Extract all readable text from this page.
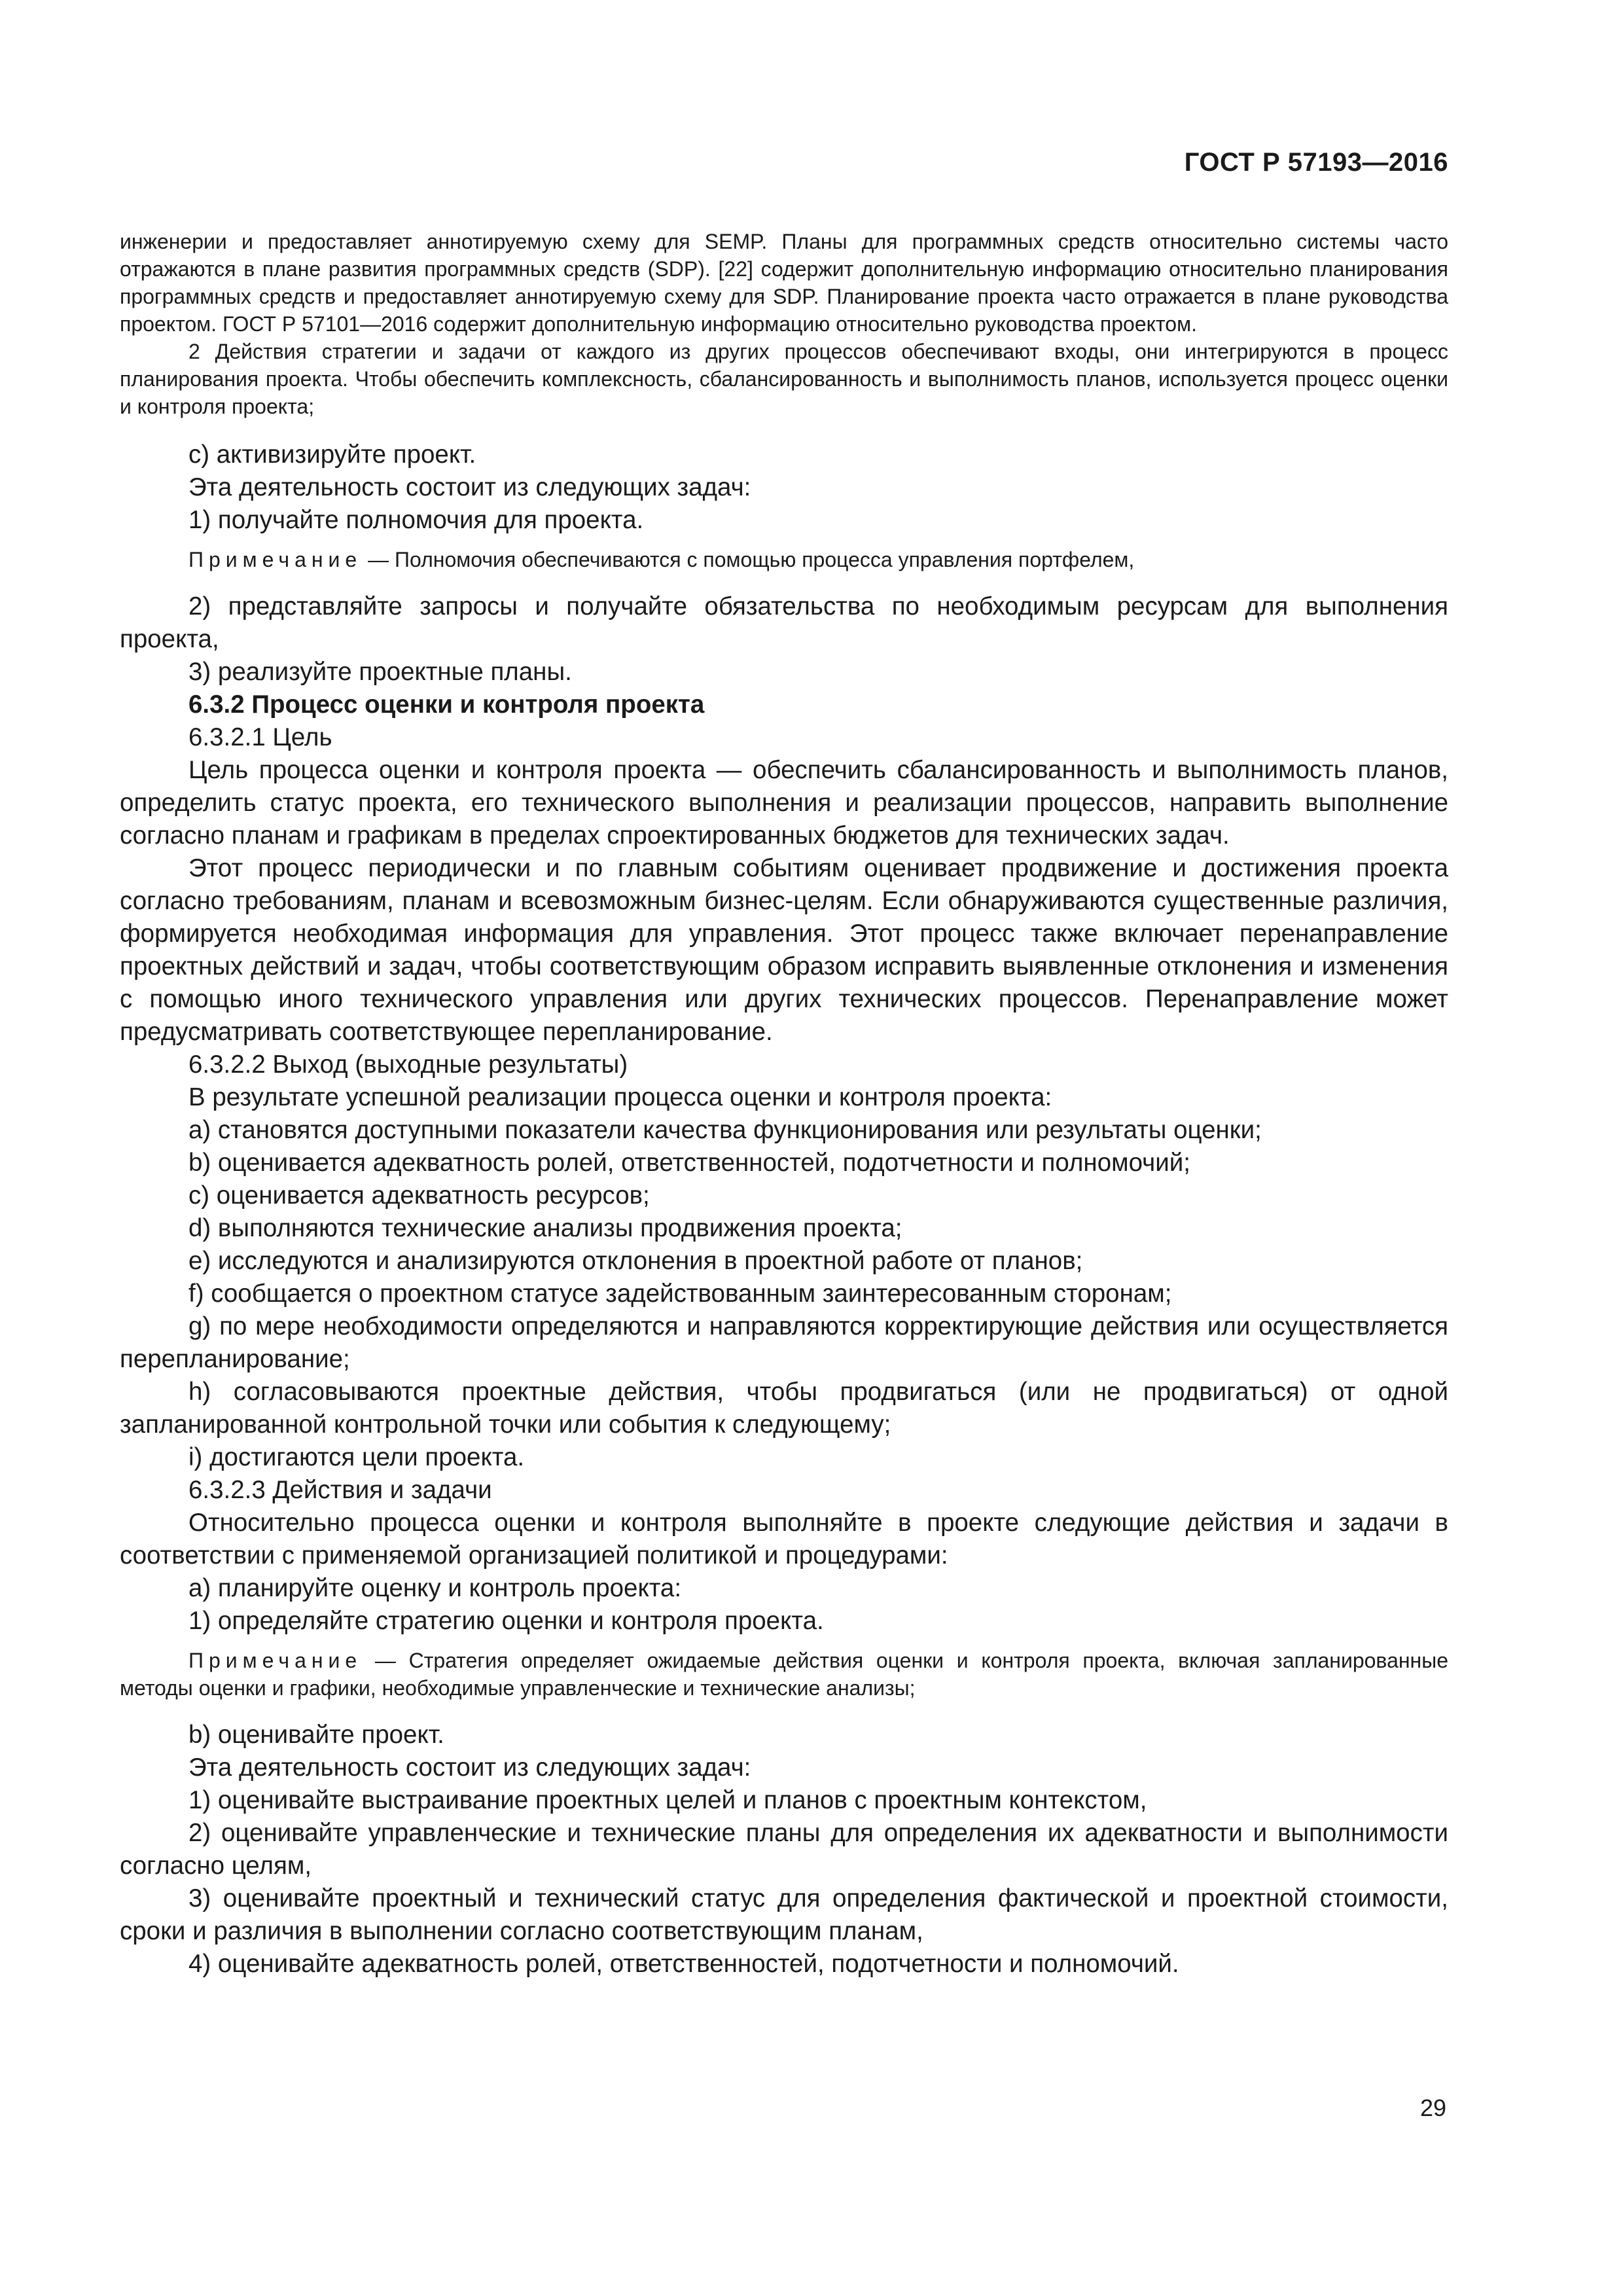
ГОСТ Р 57193—2016

инженерии и предоставляет аннотируемую схему для SEMP. Планы для программных средств относительно системы часто отражаются в плане развития программных средств (SDP). [22] содержит дополнительную информацию относительно планирования программных средств и предоставляет аннотируемую схему для SDP. Планирование проекта часто отражается в плане руководства проектом. ГОСТ Р 57101—2016 содержит дополнительную информацию относительно руководства проектом.

2 Действия стратегии и задачи от каждого из других процессов обеспечивают входы, они интегрируются в процесс планирования проекта. Чтобы обеспечить комплексность, сбалансированность и выполнимость планов, используется процесс оценки и контроля проекта;

c) активизируйте проект.

Эта деятельность состоит из следующих задач:

1) получайте полномочия для проекта.

Примечание — Полномочия обеспечиваются с помощью процесса управления портфелем,

2) представляйте запросы и получайте обязательства по необходимым ресурсам для выполнения проекта,

3) реализуйте проектные планы.

6.3.2 Процесс оценки и контроля проекта

6.3.2.1 Цель

Цель процесса оценки и контроля проекта — обеспечить сбалансированность и выполнимость планов, определить статус проекта, его технического выполнения и реализации процессов, направить выполнение согласно планам и графикам в пределах спроектированных бюджетов для технических задач.

Этот процесс периодически и по главным событиям оценивает продвижение и достижения проекта согласно требованиям, планам и всевозможным бизнес-целям. Если обнаруживаются существенные различия, формируется необходимая информация для управления. Этот процесс также включает перенаправление проектных действий и задач, чтобы соответствующим образом исправить выявленные отклонения и изменения с помощью иного технического управления или других технических процессов. Перенаправление может предусматривать соответствующее перепланирование.

6.3.2.2 Выход (выходные результаты)

В результате успешной реализации процесса оценки и контроля проекта:

a) становятся доступными показатели качества функционирования или результаты оценки;

b) оценивается адекватность ролей, ответственностей, подотчетности и полномочий;

c) оценивается адекватность ресурсов;

d) выполняются технические анализы продвижения проекта;

e) исследуются и анализируются отклонения в проектной работе от планов;

f) сообщается о проектном статусе задействованным заинтересованным сторонам;

g) по мере необходимости определяются и направляются корректирующие действия или осуществляется перепланирование;

h) согласовываются проектные действия, чтобы продвигаться (или не продвигаться) от одной запланированной контрольной точки или события к следующему;

i) достигаются цели проекта.

6.3.2.3 Действия и задачи

Относительно процесса оценки и контроля выполняйте в проекте следующие действия и задачи в соответствии с применяемой организацией политикой и процедурами:

a) планируйте оценку и контроль проекта:

1) определяйте стратегию оценки и контроля проекта.

Примечание — Стратегия определяет ожидаемые действия оценки и контроля проекта, включая запланированные методы оценки и графики, необходимые управленческие и технические анализы;

b) оценивайте проект.

Эта деятельность состоит из следующих задач:

1) оценивайте выстраивание проектных целей и планов с проектным контекстом,

2) оценивайте управленческие и технические планы для определения их адекватности и выполнимости согласно целям,

3) оценивайте проектный и технический статус для определения фактической и проектной стоимости, сроки и различия в выполнении согласно соответствующим планам,

4) оценивайте адекватность ролей, ответственностей, подотчетности и полномочий.

29
